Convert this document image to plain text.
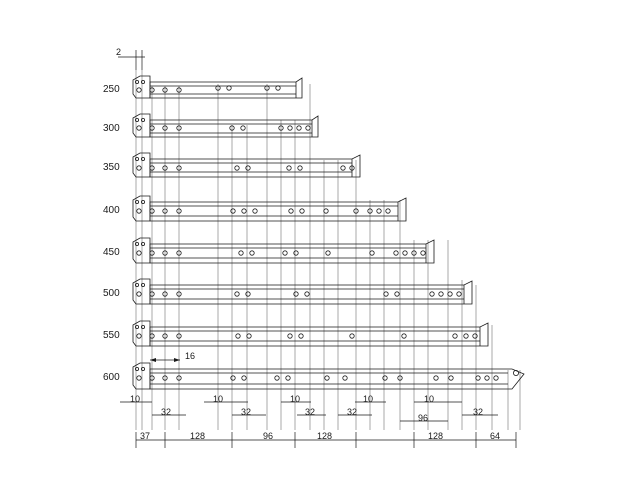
2
250
300
350
400
450
500
550
600
16
10	10	10	10	10
32	32	32	32	32
96
37	128	96	128	128	64
